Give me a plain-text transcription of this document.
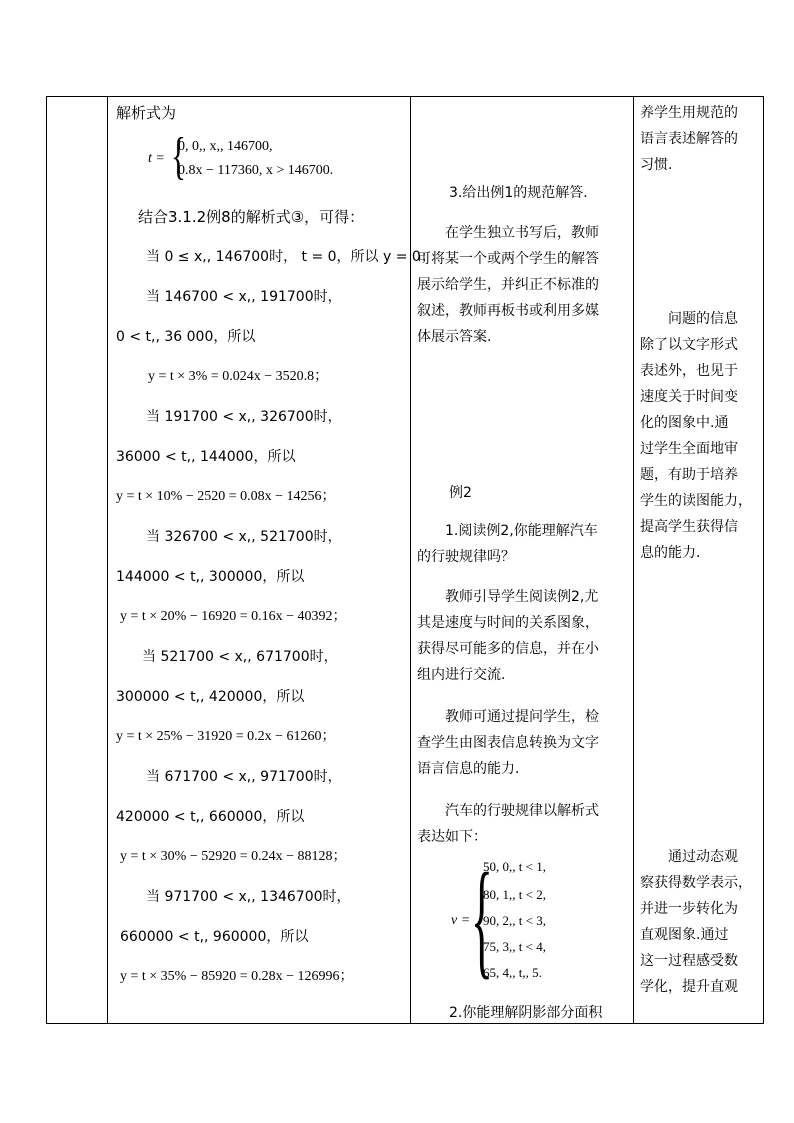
解析式为
t = {
0, 0,, x,, 146700,
0.8x − 117360, x > 146700.
结合3.1.2例8的解析式③，可得：
当 0 ≤ x,, 146700时， t = 0，所以 y = 0；
当 146700 < x,, 191700时，
0 < t,, 36 000，所以
y = t × 3% = 0.024x − 3520.8；
当 191700 < x,, 326700时，
36000 < t,, 144000，所以
y = t × 10% − 2520 = 0.08x − 14256；
当 326700 < x,, 521700时，
144000 < t,, 300000，所以
y = t × 20% − 16920 = 0.16x − 40392；
当 521700 < x,, 671700时，
300000 < t,, 420000，所以
y = t × 25% − 31920 = 0.2x − 61260；
当 671700 < x,, 971700时，
420000 < t,, 660000，所以
y = t × 30% − 52920 = 0.24x − 88128；
当 971700 < x,, 1346700时，
660000 < t,, 960000，所以
y = t × 35% − 85920 = 0.28x − 126996；
3.给出例1的规范解答.
在学生独立书写后，教师
可将某一个或两个学生的解答
展示给学生，并纠正不标准的
叙述，教师再板书或利用多媒
体展示答案.
例2
1.阅读例2,你能理解汽车
的行驶规律吗？
教师引导学生阅读例2,尤
其是速度与时间的关系图象，
获得尽可能多的信息，并在小
组内进行交流.
教师可通过提问学生，检
查学生由图表信息转换为文字
语言信息的能力.
汽车的行驶规律以解析式
表达如下：
v = {
50, 0,, t < 1,
80, 1,, t < 2,
90, 2,, t < 3,
75, 3,, t < 4,
65, 4,, t,, 5.
2.你能理解阴影部分面积
养学生用规范的
语言表述解答的
习惯.
问题的信息
除了以文字形式
表述外，也见于
速度关于时间变
化的图象中.通
过学生全面地审
题，有助于培养
学生的读图能力，
提高学生获得信
息的能力.
通过动态观
察获得数学表示，
并进一步转化为
直观图象.通过
这一过程感受数
学化，提升直观
